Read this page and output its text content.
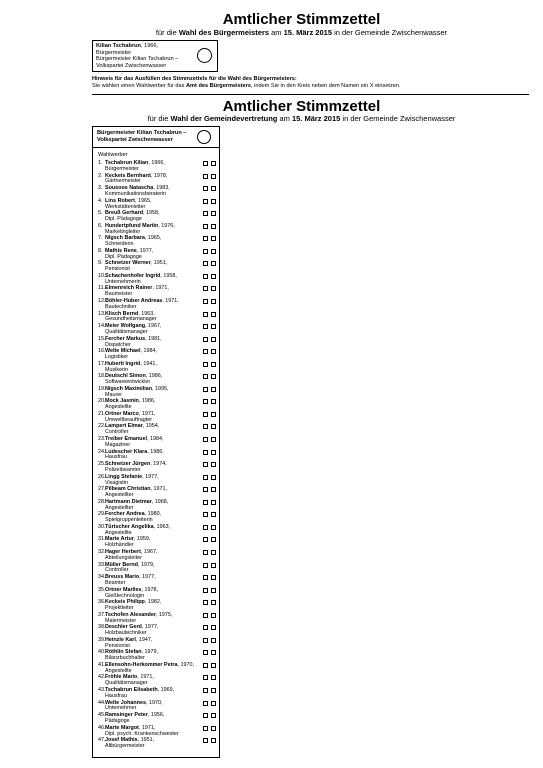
Amtlicher Stimmzettel

für die Wahl des Bürgermeisters am 15. März 2015 in der Gemeinde Zwischenwasser

Kilian Tschabrun, 1966,
Bürgermeister
Bürgermeister Kilian Tschabrun –
Volkspartei Zwischenwasser
Hinweis für das Ausfüllen des Stimmzettels für die Wahl des Bürgermeisters:
Sie wählen einen Wahlwerber für das Amt des Bürgermeisters, indem Sie in den Kreis neben dem Namen ein X einsetzen.

Amtlicher Stimmzettel

für die Wahl der Gemeindevertretung am 15. März 2015 in der Gemeinde Zwischenwasser

Bürgermeister Kilian Tschabrun –
Volkspartei Zwischenwasser
Wahlwerber
1. Tschabrun Kilian, 1966,
Bürgermeister
2. Keckeis Bernhard, 1978,
Gärtnermeister
3. Sousoos Natascha, 1983,
Kommunikationsberaterin
4. Lins Robert, 1965,
Werkstättenleiter
5. Breuß Gerhard, 1958,
Dipl. Pädagoge
6. Hundertpfund Martin, 1976,
Marketingleiter
7. Nigsch Barbara, 1965,
Schneiderin
8. Mathis Rene, 1977,
Dipl. Pädagoge
9. Schnetzer Werner, 1951,
Pensionist
10. Schachenhofer Ingrid, 1958,
Unternehmerin
11. Elmenreich Rainer, 1971,
Baumeister
12. Böhler-Huber Andreas, 1971,
Bautechniker
13. Klisch Bernd, 1963,
Gesundheitsmanager
14. Meier Wolfgang, 1967,
Qualitätsmanager
15. Fercher Markus, 1981,
Dispatcher
16. Welte Michael, 1984,
Logistiker
17. Huberti Ingrid, 1941,
Musikerin
18. Deutschl Simon, 1986,
Softwareentwickler
19. Nigsch Maximilian, 1995,
Maurer
20. Mock Jasmin, 1986,
Angestellte
21. Ortner Marco, 1971,
Umweltbeauftragter
22. Lampert Elmar, 1954,
Controller
23. Treiber Emanuel, 1984,
Magaziner
24. Ludescher Klara, 1986,
Hausfrau
25. Schnetzer Jürgen, 1974,
Polizeibeamter
26. Lingg Stefanie, 1977,
Visagistin
27. Pilbeam Christian, 1971,
Angestellter
28. Hartmann Dietmar, 1968,
Angestellter
29. Fercher Andrea, 1980,
Spielgruppenleiterin
30. Türtscher Angelika, 1963,
Angestellte
31. Marte Artur, 1959,
Holzhändler
32. Hager Herbert, 1967,
Abteilungsleiter
33. Müller Bernd, 1979,
Controller
34. Breuss Mario, 1977,
Beamter
35. Ortner Marlies, 1978,
Gießtechnologin
36. Keckeis Philipp, 1982,
Projektleiter
37. Tschofen Alexander, 1975,
Malermeister
38. Deschler Gerd, 1977,
Holzbautechniker
39. Heinzle Karl, 1947,
Pensionist
40. Röthlin Stefan, 1979,
Bilanzbuchhalter
41. Ellensohn-Herkommer Petra, 1970,
Angestellte
42. Fröhle Mario, 1971,
Qualitätsmanager
43. Tschabrun Elisabeth, 1969,
Hausfrau
44. Welte Johannes, 1970,
Unternehmer
45. Ramsinger Peter, 1956,
Pädagoge
46. Marte Margot, 1971,
Dipl. psych. Krankenschwester
47. Josef Mathis, 1951,
Altbürgermeister
